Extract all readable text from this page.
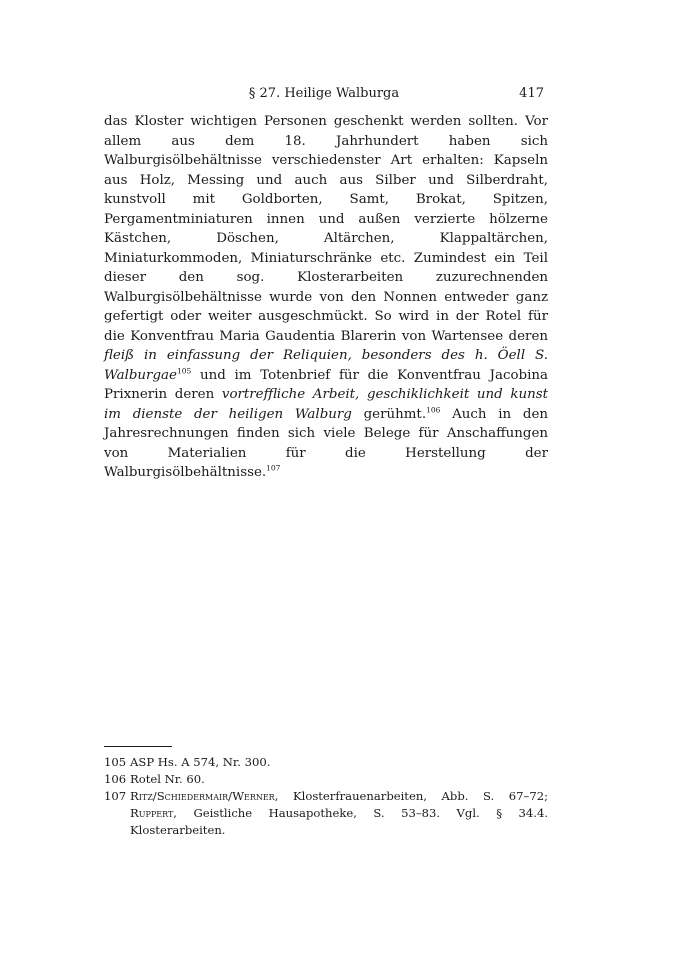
§ 27. Heilige Walburga	417

das Kloster wichtigen Personen geschenkt werden sollten. Vor allem aus dem 18. Jahrhundert haben sich Walburgisölbehältnisse verschiedenster Art erhalten: Kapseln aus Holz, Messing und auch aus Silber und Silberdraht, kunstvoll mit Goldborten, Samt, Brokat, Spitzen, Pergamentminiaturen innen und außen verzierte hölzerne Kästchen, Döschen, Altärchen, Klappaltärchen, Miniaturkommoden, Miniaturschränke etc. Zumindest ein Teil dieser den sog. Klosterarbeiten zuzurechnenden Walburgisölbehältnisse wurde von den Nonnen entweder ganz gefertigt oder weiter ausgeschmückt. So wird in der Rotel für die Konventfrau Maria Gaudentia Blarerin von Wartensee deren fleiß in einfassung der Reliquien, besonders des h. Öell S. Walburgae$^{105}$ und im Totenbrief für die Konventfrau Jacobina Prixnerin deren vortreffliche Arbeit, geschiklichkeit und kunst im dienste der heiligen Walburg gerühmt.$^{106}$ Auch in den Jahresrechnungen finden sich viele Belege für Anschaffungen von Materialien für die Herstellung der Walburgisölbehältnisse.$^{107}$

105 ASP Hs. A 574, Nr. 300.
106 Rotel Nr. 60.
107 Ritz/Schiedermair/Werner, Klosterfrauenarbeiten, Abb. S. 67–72; Ruppert, Geistliche Hausapotheke, S. 53–83. Vgl. § 34.4. Klosterarbeiten.
